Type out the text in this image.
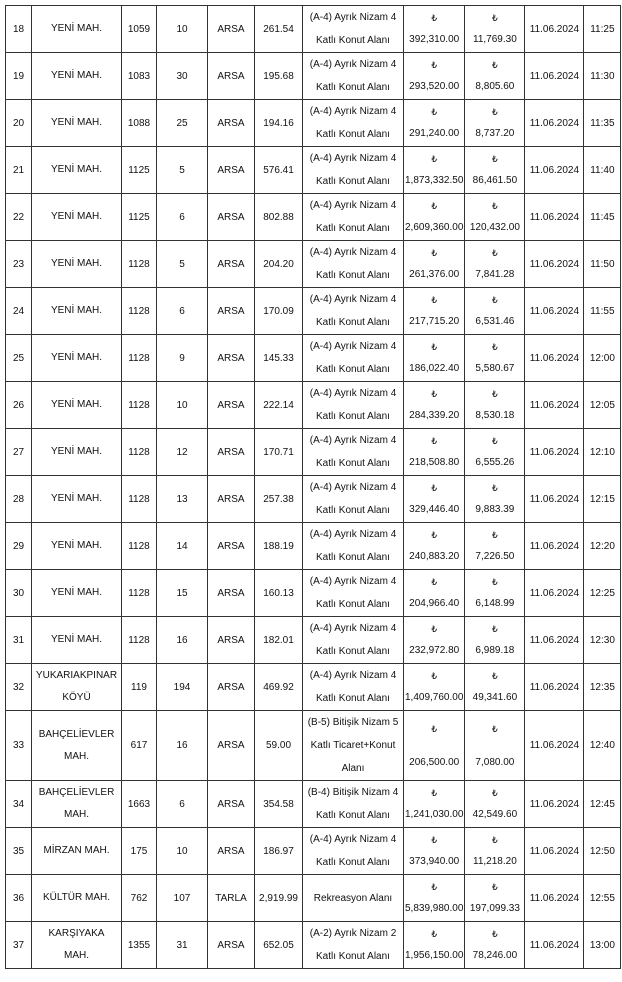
18	YENİ MAH.	1059	10	ARSA	261.54	(A-4) Ayrık Nizam 4
Katlı Konut Alanı	₺
392,310.00	₺
11,769.30	11.06.2024	11:25
19	YENİ MAH.	1083	30	ARSA	195.68	(A-4) Ayrık Nizam 4
Katlı Konut Alanı	₺
293,520.00	₺
8,805.60	11.06.2024	11:30
20	YENİ MAH.	1088	25	ARSA	194.16	(A-4) Ayrık Nizam 4
Katlı Konut Alanı	₺
291,240.00	₺
8,737.20	11.06.2024	11:35
21	YENİ MAH.	1125	5	ARSA	576.41	(A-4) Ayrık Nizam 4
Katlı Konut Alanı	₺
1,873,332.50	₺
86,461.50	11.06.2024	11:40
22	YENİ MAH.	1125	6	ARSA	802.88	(A-4) Ayrık Nizam 4
Katlı Konut Alanı	₺
2,609,360.00	₺
120,432.00	11.06.2024	11:45
23	YENİ MAH.	1128	5	ARSA	204.20	(A-4) Ayrık Nizam 4
Katlı Konut Alanı	₺
261,376.00	₺
7,841.28	11.06.2024	11:50
24	YENİ MAH.	1128	6	ARSA	170.09	(A-4) Ayrık Nizam 4
Katlı Konut Alanı	₺
217,715.20	₺
6,531.46	11.06.2024	11:55
25	YENİ MAH.	1128	9	ARSA	145.33	(A-4) Ayrık Nizam 4
Katlı Konut Alanı	₺
186,022.40	₺
5,580.67	11.06.2024	12:00
26	YENİ MAH.	1128	10	ARSA	222.14	(A-4) Ayrık Nizam 4
Katlı Konut Alanı	₺
284,339.20	₺
8,530.18	11.06.2024	12:05
27	YENİ MAH.	1128	12	ARSA	170.71	(A-4) Ayrık Nizam 4
Katlı Konut Alanı	₺
218,508.80	₺
6,555.26	11.06.2024	12:10
28	YENİ MAH.	1128	13	ARSA	257.38	(A-4) Ayrık Nizam 4
Katlı Konut Alanı	₺
329,446.40	₺
9,883.39	11.06.2024	12:15
29	YENİ MAH.	1128	14	ARSA	188.19	(A-4) Ayrık Nizam 4
Katlı Konut Alanı	₺
240,883.20	₺
7,226.50	11.06.2024	12:20
30	YENİ MAH.	1128	15	ARSA	160.13	(A-4) Ayrık Nizam 4
Katlı Konut Alanı	₺
204,966.40	₺
6,148.99	11.06.2024	12:25
31	YENİ MAH.	1128	16	ARSA	182.01	(A-4) Ayrık Nizam 4
Katlı Konut Alanı	₺
232,972.80	₺
6,989.18	11.06.2024	12:30
32	YUKARIAKPINAR
KÖYÜ	119	194	ARSA	469.92	(A-4) Ayrık Nizam 4
Katlı Konut Alanı	₺
1,409,760.00	₺
49,341.60	11.06.2024	12:35
33	BAHÇELİEVLER
MAH.	617	16	ARSA	59.00	(B-5) Bitişik Nizam 5
Katlı Ticaret+Konut
Alanı	₺
206,500.00	₺
7,080.00	11.06.2024	12:40
34	BAHÇELİEVLER
MAH.	1663	6	ARSA	354.58	(B-4) Bitişik Nizam 4
Katlı Konut Alanı	₺
1,241,030.00	₺
42,549.60	11.06.2024	12:45
35	MİRZAN MAH.	175	10	ARSA	186.97	(A-4) Ayrık Nizam 4
Katlı Konut Alanı	₺
373,940.00	₺
11,218.20	11.06.2024	12:50
36	KÜLTÜR MAH.	762	107	TARLA	2,919.99	Rekreasyon Alanı	₺
5,839,980.00	₺
197,099.33	11.06.2024	12:55
37	KARŞIYAKA
MAH.	1355	31	ARSA	652.05	(A-2) Ayrık Nizam 2
Katlı Konut Alanı	₺
1,956,150.00	₺
78,246.00	11.06.2024	13:00
